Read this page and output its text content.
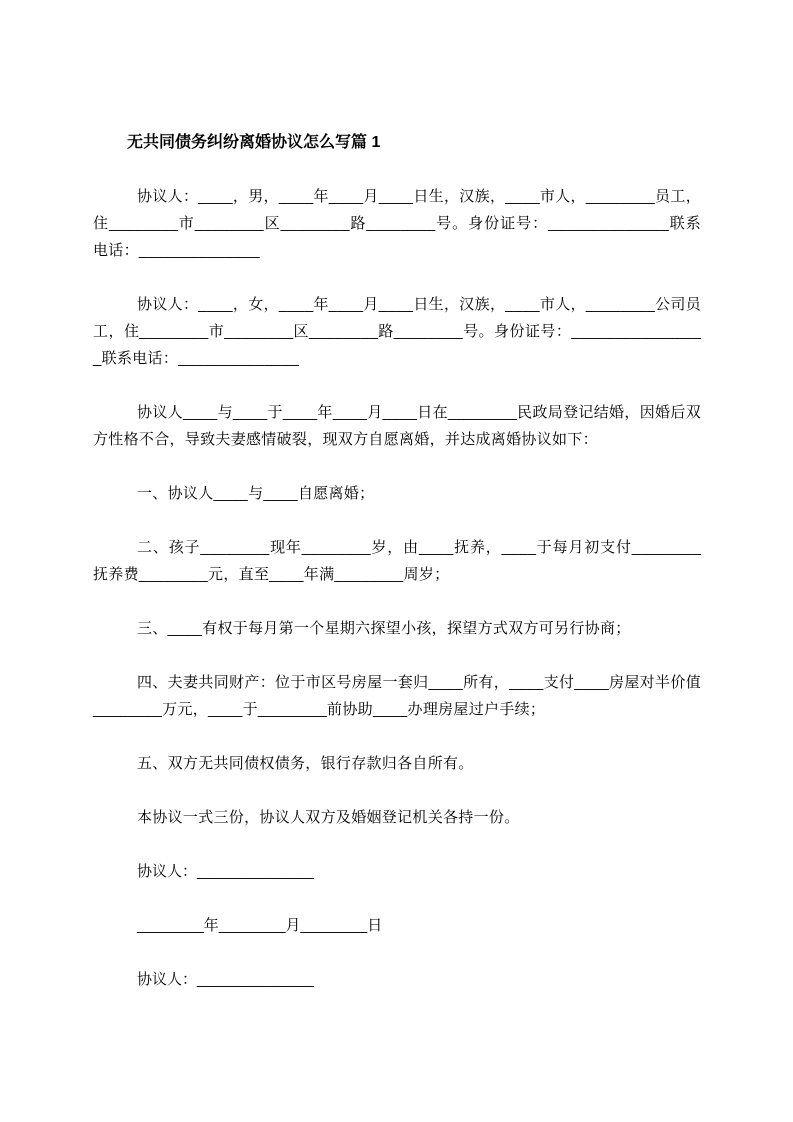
无共同债务纠纷离婚协议怎么写篇 1

协议人：____，男，____年____月____日生，汉族，____市人，________员工，住________市________区________路________号。身份证号：______________联系电话：______________

协议人：____，女，____年____月____日生，汉族，____市人，________公司员工，住________市________区________路________号。身份证号：________________联系电话：______________

协议人____与____于____年____月____日在________民政局登记结婚，因婚后双方性格不合，导致夫妻感情破裂，现双方自愿离婚，并达成离婚协议如下：

一、协议人____与____自愿离婚；

二、孩子________现年________岁，由____抚养，____于每月初支付________抚养费________元，直至____年满________周岁；

三、____有权于每月第一个星期六探望小孩，探望方式双方可另行协商；

四、夫妻共同财产：位于市区号房屋一套归____所有，____支付____房屋对半价值________万元，____于________前协助____办理房屋过户手续；

五、双方无共同债权债务，银行存款归各自所有。

本协议一式三份，协议人双方及婚姻登记机关各持一份。

协议人：______________

________年________月________日

协议人：______________
